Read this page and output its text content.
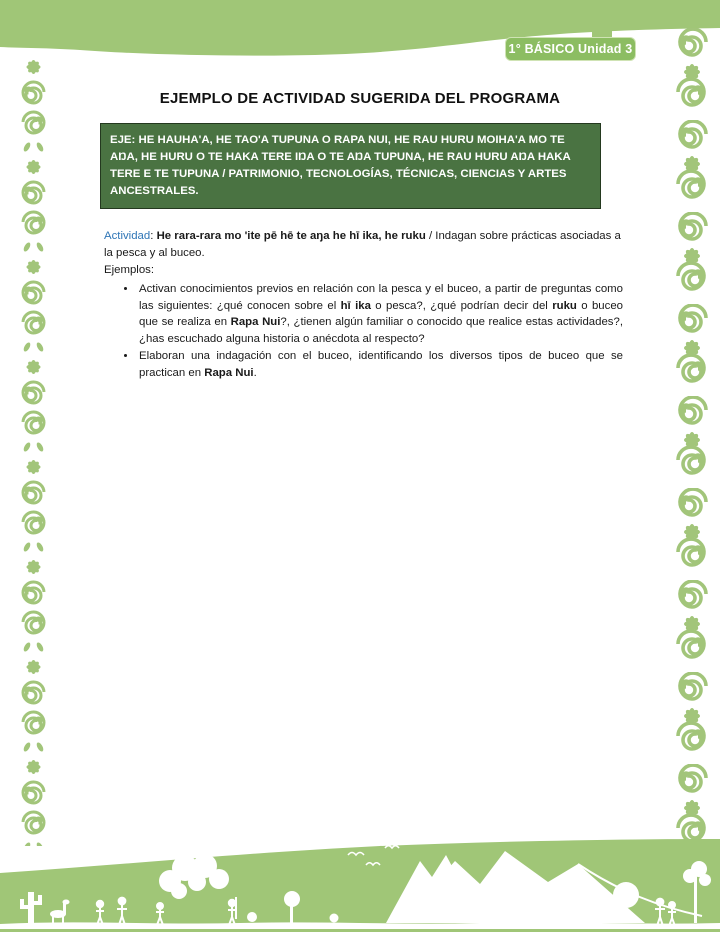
1° BÁSICO Unidad 3
EJEMPLO DE ACTIVIDAD SUGERIDA DEL PROGRAMA
EJE: HE HAUHA'A, HE TAO'A TUPUNA O RAPA NUI, HE RAU HURU MOIHA'A MO TE AŊA, HE HURU O TE HAKA TERE IŊA O TE AŊA TUPUNA, HE RAU HURU AŊA HAKA TERE E TE TUPUNA / PATRIMONIO, TECNOLOGÍAS, TÉCNICAS, CIENCIAS Y ARTES ANCESTRALES.

Actividad: He rara-rara mo 'ite pē hē te aŋa he hī ika, he ruku / Indagan sobre prácticas asociadas a la pesca y al buceo.

Ejemplos:

• Activan conocimientos previos en relación con la pesca y el buceo, a partir de preguntas como las siguientes: ¿qué conocen sobre el hī ika o pesca?, ¿qué podrían decir del ruku o buceo que se realiza en Rapa Nui?, ¿tienen algún familiar o conocido que realice estas actividades?, ¿has escuchado alguna historia o anécdota al respecto?
• Elaboran una indagación con el buceo, identificando los diversos tipos de buceo que se practican en Rapa Nui.
